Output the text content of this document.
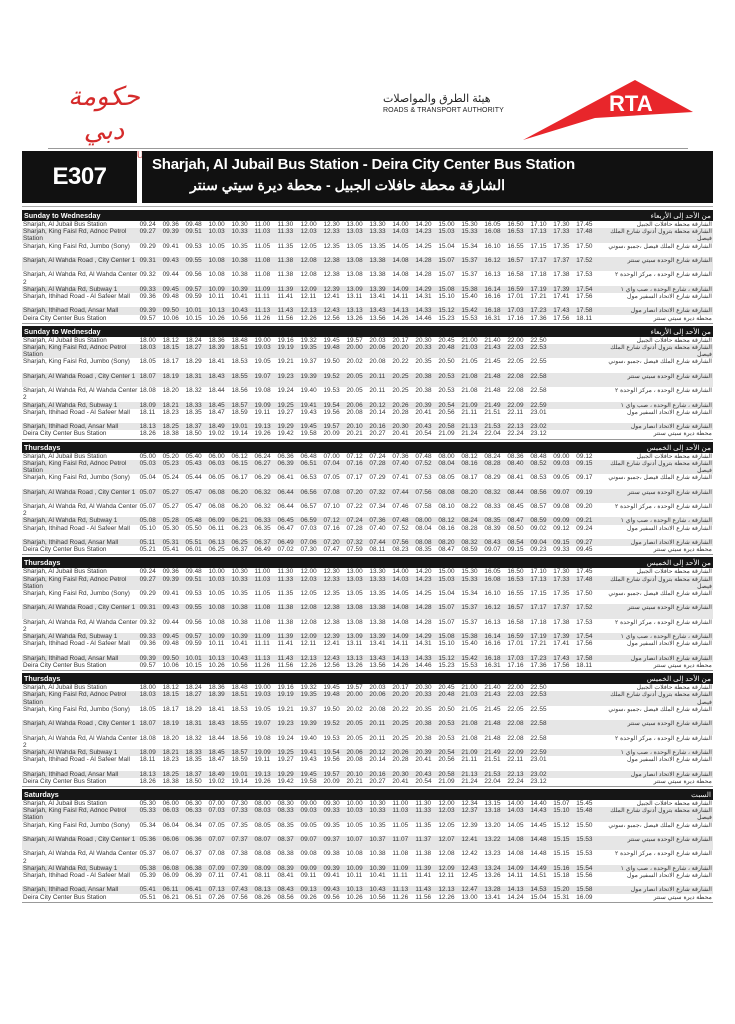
حكومة دبي
هيئة الطرق والمواصلات
ROADS & TRANSPORT AUTHORITY	RTA
E307	Sharjah, Al Jubail Bus Station - Deira City Center Bus Station
الشارقة محطة حافلات الجبيل - محطة ديرة سيتي سنتر
Sunday to Wednesday	من الأحد إلى الأربعاء
Sharjah, Al Jubail Bus Station	09.24	09.36	09.48	10.00	10.30	11.00	11.30	12.00	12.30	13.00	13.30	14.00	14.20	15.00	15.30	16.05	16.50	17.10	17.30	17.45	الشارقة محطة حافلات الجبيل
Sharjah, King Faisl Rd, Adnoc Petrol Station	09.27	09.39	09.51	10.03	10.33	11.03	11.33	12.03	12.33	13.03	13.33	14.03	14.23	15.03	15.33	16.08	16.53	17.13	17.33	17.48	الشارقة محطة بترول أدنوك شارع الملك فيصل
Sharjah, King Faisl Rd, Jumbo (Sony)	09.29	09.41	09.53	10.05	10.35	11.05	11.35	12.05	12.35	13.05	13.35	14.05	14.25	15.04	15.34	16.10	16.55	17.15	17.35	17.50	الشارقة شارع الملك فيصل ،جمبو ،سوني
Sharjah, Al Wahda Road , City Center 1	09.31	09.43	09.55	10.08	10.38	11.08	11.38	12.08	12.38	13.08	13.38	14.08	14.28	15.07	15.37	16.12	16.57	17.17	17.37	17.52	الشارقة شارع الوحدة سيتي سنتر
Sharjah, Al Wahda Rd, Al Wahda Center 2	09.32	09.44	09.56	10.08	10.38	11.08	11.38	12.08	12.38	13.08	13.38	14.08	14.28	15.07	15.37	16.13	16.58	17.18	17.38	17.53	الشارقة شارع الوحدة ، مركز الوحدة ٢
Sharjah, Al Wahda Rd, Subway 1	09.33	09.45	09.57	10.09	10.39	11.09	11.39	12.09	12.39	13.09	13.39	14.09	14.29	15.08	15.38	16.14	16.59	17.19	17.39	17.54	الشارقة ، شارع الوحدة ، صب واي ١
Sharjah, Ithihad Road - Al Safeer Mall	09.36	09.48	09.59	10.11	10.41	11.11	11.41	12.11	12.41	13.11	13.41	14.11	14.31	15.10	15.40	16.16	17.01	17.21	17.41	17.56	الشارقة شارع الاتحاد السفير مول
Sharjah, Ithihad Road, Ansar Mall	09.39	09.50	10.01	10.13	10.43	11.13	11.43	12.13	12.43	13.13	13.43	14.13	14.33	15.12	15.42	16.18	17.03	17.23	17.43	17.58	الشارقة شارع الاتحاد انصار مول
Deira City Center Bus Station	09.57	10.06	10.15	10.26	10.56	11.26	11.56	12.26	12.56	13.26	13.56	14.26	14.46	15.23	15.53	16.31	17.16	17.36	17.56	18.11	محطة ديرة سيتي سنتر
Sunday to Wednesday	من الأحد إلى الأربعاء
Sharjah, Al Jubail Bus Station	18.00	18.12	18.24	18.36	18.48	19.00	19.16	19.32	19.45	19.57	20.03	20.17	20.30	20.45	21.00	21.40	22.00	22.50			الشارقة محطة حافلات الجبيل
Sharjah, King Faisl Rd, Adnoc Petrol Station	18.03	18.15	18.27	18.39	18.51	19.03	19.19	19.35	19.48	20.00	20.06	20.20	20.33	20.48	21.03	21.43	22.03	22.53			الشارقة محطة بترول أدنوك شارع الملك فيصل
Sharjah, King Faisl Rd, Jumbo (Sony)	18.05	18.17	18.29	18.41	18.53	19.05	19.21	19.37	19.50	20.02	20.08	20.22	20.35	20.50	21.05	21.45	22.05	22.55			الشارقة شارع الملك فيصل ،جمبو ،سوني
Sharjah, Al Wahda Road , City Center 1	18.07	18.19	18.31	18.43	18.55	19.07	19.23	19.39	19.52	20.05	20.11	20.25	20.38	20.53	21.08	21.48	22.08	22.58			الشارقة شارع الوحدة سيتي سنتر
Sharjah, Al Wahda Rd, Al Wahda Center 2	18.08	18.20	18.32	18.44	18.56	19.08	19.24	19.40	19.53	20.05	20.11	20.25	20.38	20.53	21.08	21.48	22.08	22.58			الشارقة شارع الوحدة ، مركز الوحدة ٢
Sharjah, Al Wahda Rd, Subway 1	18.09	18.21	18.33	18.45	18.57	19.09	19.25	19.41	19.54	20.06	20.12	20.26	20.39	20.54	21.09	21.49	22.09	22.59			الشارقة ، شارع الوحدة ، صب واي ١
Sharjah, Ithihad Road - Al Safeer Mall	18.11	18.23	18.35	18.47	18.59	19.11	19.27	19.43	19.56	20.08	20.14	20.28	20.41	20.56	21.11	21.51	22.11	23.01			الشارقة شارع الاتحاد السفير مول
Sharjah, Ithihad Road, Ansar Mall	18.13	18.25	18.37	18.49	19.01	19.13	19.29	19.45	19.57	20.10	20.16	20.30	20.43	20.58	21.13	21.53	22.13	23.02			الشارقة شارع الاتحاد انصار مول
Deira City Center Bus Station	18.26	18.38	18.50	19.02	19.14	19.26	19.42	19.58	20.09	20.21	20.27	20.41	20.54	21.09	21.24	22.04	22.24	23.12			محطة ديرة سيتي سنتر
Thursdays	من الأحد إلى الخميس
Sharjah, Al Jubail Bus Station	05.00	05.20	05.40	06.00	06.12	06.24	06.36	06.48	07.00	07.12	07.24	07.36	07.48	08.00	08.12	08.24	08.36	08.48	09.00	09.12	الشارقة محطة حافلات الجبيل
Sharjah, King Faisl Rd, Adnoc Petrol Station	05.03	05.23	05.43	06.03	06.15	06.27	06.39	06.51	07.04	07.16	07.28	07.40	07.52	08.04	08.16	08.28	08.40	08.52	09.03	09.15	الشارقة محطة بترول أدنوك شارع الملك فيصل
Sharjah, King Faisl Rd, Jumbo (Sony)	05.04	05.24	05.44	06.05	06.17	06.29	06.41	06.53	07.05	07.17	07.29	07.41	07.53	08.05	08.17	08.29	08.41	08.53	09.05	09.17	الشارقة شارع الملك فيصل ،جمبو ،سوني
Sharjah, Al Wahda Road , City Center 1	05.07	05.27	05.47	06.08	06.20	06.32	06.44	06.56	07.08	07.20	07.32	07.44	07.56	08.08	08.20	08.32	08.44	08.56	09.07	09.19	الشارقة شارع الوحدة سيتي سنتر
Sharjah, Al Wahda Rd, Al Wahda Center 2	05.07	05.27	05.47	06.08	06.20	06.32	06.44	06.57	07.10	07.22	07.34	07.46	07.58	08.10	08.22	08.33	08.45	08.57	09.08	09.20	الشارقة شارع الوحدة ، مركز الوحدة ٢
Sharjah, Al Wahda Rd, Subway 1	05.08	05.28	05.48	06.09	06.21	06.33	06.45	06.59	07.12	07.24	07.36	07.48	08.00	08.12	08.24	08.35	08.47	08.59	09.09	09.21	الشارقة ، شارع الوحدة ، صب واي ١
Sharjah, Ithihad Road - Al Safeer Mall	05.10	05.30	05.50	06.11	06.23	06.35	06.47	07.03	07.16	07.28	07.40	07.52	08.04	08.16	08.28	08.39	08.50	09.02	09.12	09.24	الشارقة شارع الاتحاد السفير مول
Sharjah, Ithihad Road, Ansar Mall	05.11	05.31	05.51	06.13	06.25	06.37	06.49	07.06	07.20	07.32	07.44	07.56	08.08	08.20	08.32	08.43	08.54	09.04	09.15	09.27	الشارقة شارع الاتحاد انصار مول
Deira City Center Bus Station	05.21	05.41	06.01	06.25	06.37	06.49	07.02	07.30	07.47	07.59	08.11	08.23	08.35	08.47	08.59	09.07	09.15	09.23	09.33	09.45	محطة ديرة سيتي سنتر
Thursdays	من الأحد إلى الخميس
Sharjah, Al Jubail Bus Station	09.24	09.36	09.48	10.00	10.30	11.00	11.30	12.00	12.30	13.00	13.30	14.00	14.20	15.00	15.30	16.05	16.50	17.10	17.30	17.45	الشارقة محطة حافلات الجبيل
Sharjah, King Faisl Rd, Adnoc Petrol Station	09.27	09.39	09.51	10.03	10.33	11.03	11.33	12.03	12.33	13.03	13.33	14.03	14.23	15.03	15.33	16.08	16.53	17.13	17.33	17.48	الشارقة محطة بترول أدنوك شارع الملك فيصل
Sharjah, King Faisl Rd, Jumbo (Sony)	09.29	09.41	09.53	10.05	10.35	11.05	11.35	12.05	12.35	13.05	13.35	14.05	14.25	15.04	15.34	16.10	16.55	17.15	17.35	17.50	الشارقة شارع الملك فيصل ،جمبو ،سوني
Sharjah, Al Wahda Road , City Center 1	09.31	09.43	09.55	10.08	10.38	11.08	11.38	12.08	12.38	13.08	13.38	14.08	14.28	15.07	15.37	16.12	16.57	17.17	17.37	17.52	الشارقة شارع الوحدة سيتي سنتر
Sharjah, Al Wahda Rd, Al Wahda Center 2	09.32	09.44	09.56	10.08	10.38	11.08	11.38	12.08	12.38	13.08	13.38	14.08	14.28	15.07	15.37	16.13	16.58	17.18	17.38	17.53	الشارقة شارع الوحدة ، مركز الوحدة ٢
Sharjah, Al Wahda Rd, Subway 1	09.33	09.45	09.57	10.09	10.39	11.09	11.39	12.09	12.39	13.09	13.39	14.09	14.29	15.08	15.38	16.14	16.59	17.19	17.39	17.54	الشارقة ، شارع الوحدة ، صب واي ١
Sharjah, Ithihad Road - Al Safeer Mall	09.36	09.48	09.59	10.11	10.41	11.11	11.41	12.11	12.41	13.11	13.41	14.11	14.31	15.10	15.40	16.16	17.01	17.21	17.41	17.56	الشارقة شارع الاتحاد السفير مول
Sharjah, Ithihad Road, Ansar Mall	09.39	09.50	10.01	10.13	10.43	11.13	11.43	12.13	12.43	13.13	13.43	14.13	14.33	15.12	15.42	16.18	17.03	17.23	17.43	17.58	الشارقة شارع الاتحاد انصار مول
Deira City Center Bus Station	09.57	10.06	10.15	10.26	10.56	11.26	11.56	12.26	12.56	13.26	13.56	14.26	14.46	15.23	15.53	16.31	17.16	17.36	17.56	18.11	محطة ديرة سيتي سنتر
Thursdays	من الأحد إلى الخميس
Sharjah, Al Jubail Bus Station	18.00	18.12	18.24	18.36	18.48	19.00	19.16	19.32	19.45	19.57	20.03	20.17	20.30	20.45	21.00	21.40	22.00	22.50			الشارقة محطة حافلات الجبيل
Sharjah, King Faisl Rd, Adnoc Petrol Station	18.03	18.15	18.27	18.39	18.51	19.03	19.19	19.35	19.48	20.00	20.06	20.20	20.33	20.48	21.03	21.43	22.03	22.53			الشارقة محطة بترول أدنوك شارع الملك فيصل
Sharjah, King Faisl Rd, Jumbo (Sony)	18.05	18.17	18.29	18.41	18.53	19.05	19.21	19.37	19.50	20.02	20.08	20.22	20.35	20.50	21.05	21.45	22.05	22.55			الشارقة شارع الملك فيصل ،جمبو ،سوني
Sharjah, Al Wahda Road , City Center 1	18.07	18.19	18.31	18.43	18.55	19.07	19.23	19.39	19.52	20.05	20.11	20.25	20.38	20.53	21.08	21.48	22.08	22.58			الشارقة شارع الوحدة سيتي سنتر
Sharjah, Al Wahda Rd, Al Wahda Center 2	18.08	18.20	18.32	18.44	18.56	19.08	19.24	19.40	19.53	20.05	20.11	20.25	20.38	20.53	21.08	21.48	22.08	22.58			الشارقة شارع الوحدة ، مركز الوحدة ٢
Sharjah, Al Wahda Rd, Subway 1	18.09	18.21	18.33	18.45	18.57	19.09	19.25	19.41	19.54	20.06	20.12	20.26	20.39	20.54	21.09	21.49	22.09	22.59			الشارقة ، شارع الوحدة ، صب واي ١
Sharjah, Ithihad Road - Al Safeer Mall	18.11	18.23	18.35	18.47	18.59	19.11	19.27	19.43	19.56	20.08	20.14	20.28	20.41	20.56	21.11	21.51	22.11	23.01			الشارقة شارع الاتحاد السفير مول
Sharjah, Ithihad Road, Ansar Mall	18.13	18.25	18.37	18.49	19.01	19.13	19.29	19.45	19.57	20.10	20.16	20.30	20.43	20.58	21.13	21.53	22.13	23.02			الشارقة شارع الاتحاد انصار مول
Deira City Center Bus Station	18.26	18.38	18.50	19.02	19.14	19.26	19.42	19.58	20.09	20.21	20.27	20.41	20.54	21.09	21.24	22.04	22.24	23.12			محطة ديرة سيتي سنتر
Saturdays	السبت
Sharjah, Al Jubail Bus Station	05.30	06.00	06.30	07.00	07.30	08.00	08.30	09.00	09.30	10.00	10.30	11.00	11.30	12.00	12.34	13.15	14.00	14.40	15.07	15.45	الشارقة محطة حافلات الجبيل
Sharjah, King Faisl Rd, Adnoc Petrol Station	05.33	06.03	06.33	07.03	07.33	08.03	08.33	09.03	09.33	10.03	10.33	11.03	11.33	12.03	12.37	13.18	14.03	14.43	15.10	15.48	الشارقة محطة بترول أدنوك شارع الملك فيصل
Sharjah, King Faisl Rd, Jumbo (Sony)	05.34	06.04	06.34	07.05	07.35	08.05	08.35	09.05	09.35	10.05	10.35	11.05	11.35	12.05	12.39	13.20	14.05	14.45	15.12	15.50	الشارقة شارع الملك فيصل ،جمبو ،سوني
Sharjah, Al Wahda Road , City Center 1	05.36	06.06	06.36	07.07	07.37	08.07	08.37	09.07	09.37	10.07	10.37	11.07	11.37	12.07	12.41	13.22	14.08	14.48	15.15	15.53	الشارقة شارع الوحدة سيتي سنتر
Sharjah, Al Wahda Rd, Al Wahda Center 2	05.37	06.07	06.37	07.08	07.38	08.08	08.38	09.08	09.38	10.08	10.38	11.08	11.38	12.08	12.42	13.23	14.08	14.48	15.15	15.53	الشارقة شارع الوحدة ، مركز الوحدة ٢
Sharjah, Al Wahda Rd, Subway 1	05.38	06.08	06.38	07.09	07.39	08.09	08.39	09.09	09.39	10.09	10.39	11.09	11.39	12.09	12.43	13.24	14.09	14.49	15.16	15.54	الشارقة ، شارع الوحدة ، صب واي ١
Sharjah, Ithihad Road - Al Safeer Mall	05.39	06.09	06.39	07.11	07.41	08.11	08.41	09.11	09.41	10.11	10.41	11.11	11.41	12.11	12.45	13.26	14.11	14.51	15.18	15.56	الشارقة شارع الاتحاد السفير مول
Sharjah, Ithihad Road, Ansar Mall	05.41	06.11	06.41	07.13	07.43	08.13	08.43	09.13	09.43	10.13	10.43	11.13	11.43	12.13	12.47	13.28	14.13	14.53	15.20	15.58	الشارقة شارع الاتحاد انصار مول
Deira City Center Bus Station	05.51	06.21	06.51	07.26	07.56	08.26	08.56	09.26	09.56	10.26	10.56	11.26	11.56	12.26	13.00	13.41	14.24	15.04	15.31	16.09	محطة ديرة سيتي سنتر
